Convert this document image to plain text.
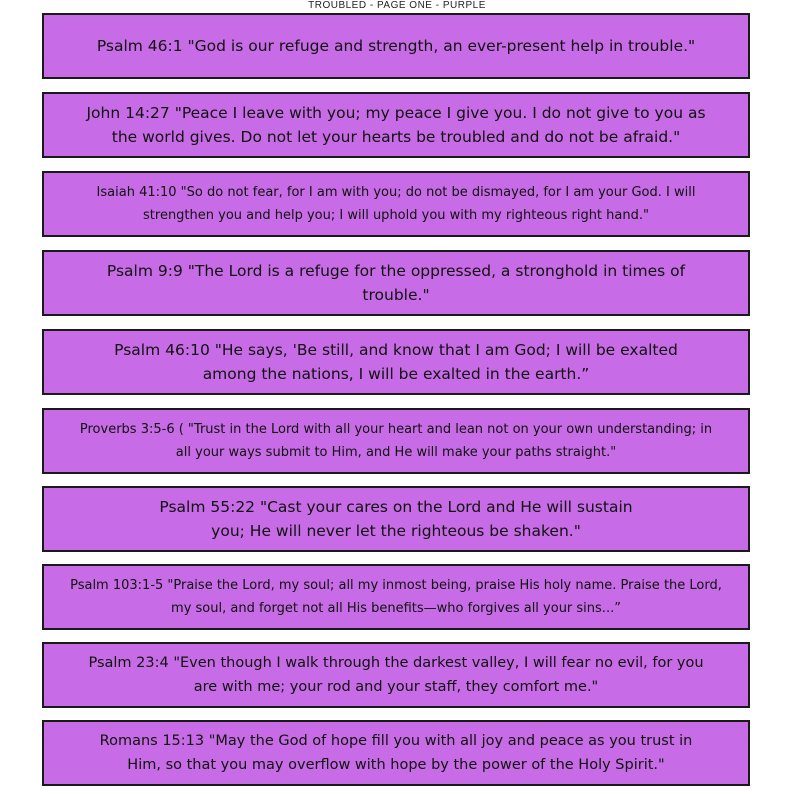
TROUBLED - PAGE ONE - PURPLE
Psalm 46:1 "God is our refuge and strength, an ever-present help in trouble."
John 14:27 "Peace I leave with you; my peace I give you. I do not give to you as the world gives. Do not let your hearts be troubled and do not be afraid."
Isaiah 41:10 "So do not fear, for I am with you; do not be dismayed, for I am your God. I will strengthen you and help you; I will uphold you with my righteous right hand."
Psalm 9:9 "The Lord is a refuge for the oppressed, a stronghold in times of trouble."
Psalm 46:10 "He says, 'Be still, and know that I am God; I will be exalted among the nations, I will be exalted in the earth.”
Proverbs 3:5-6 ( "Trust in the Lord with all your heart and lean not on your own understanding; in all your ways submit to Him, and He will make your paths straight."
Psalm 55:22 "Cast your cares on the Lord and He will sustain you; He will never let the righteous be shaken."
Psalm 103:1-5 "Praise the Lord, my soul; all my inmost being, praise His holy name. Praise the Lord, my soul, and forget not all His benefits—who forgives all your sins...”
Psalm 23:4 "Even though I walk through the darkest valley, I will fear no evil, for you are with me; your rod and your staff, they comfort me."
Romans 15:13 "May the God of hope fill you with all joy and peace as you trust in Him, so that you may overflow with hope by the power of the Holy Spirit."
